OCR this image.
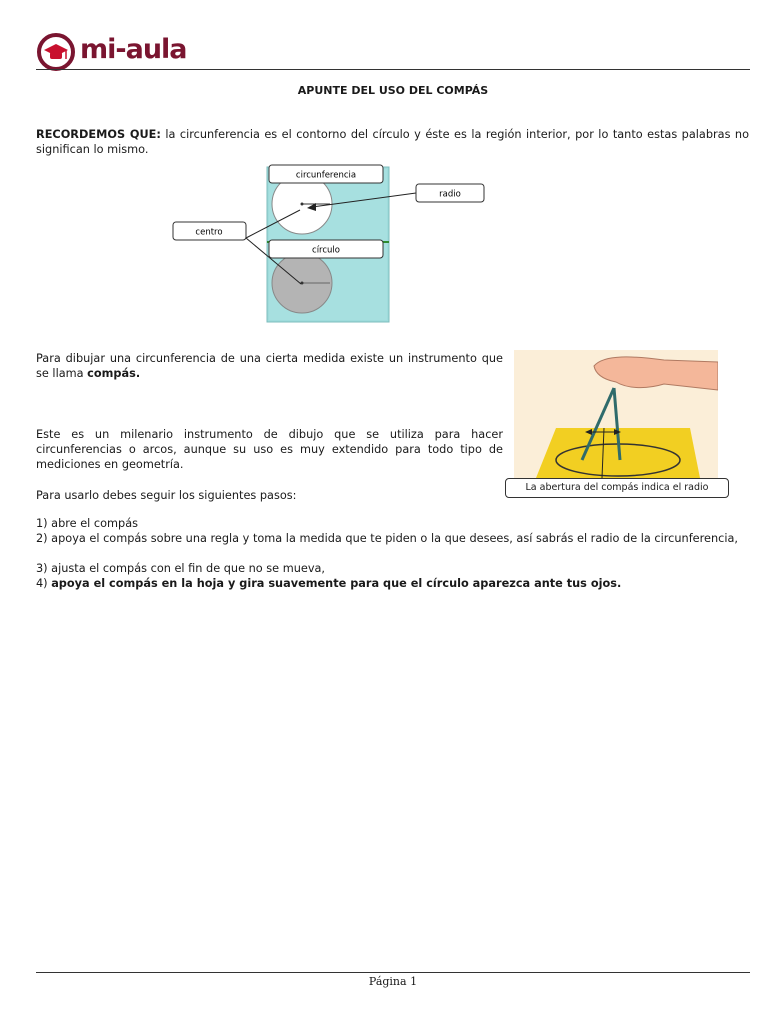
mi-aula
APUNTE DEL USO DEL COMPÁS

RECORDEMOS QUE: la circunferencia es el contorno del círculo y éste es la región interior, por lo tanto estas palabras no significan lo mismo.

circunferencia
radio
centro
círculo

Para dibujar una circunferencia de una cierta medida existe un instrumento que se llama compás.

La abertura del compás indica el radio

Este es un milenario instrumento de dibujo que se utiliza para hacer circunferencias o arcos, aunque su uso es muy extendido para todo tipo de mediciones en geometría.

Para usarlo debes seguir los siguientes pasos:

1) abre el compás

2) apoya el compás sobre una regla y toma la medida que te piden o la que desees, así sabrás el radio de la circunferencia,

3) ajusta el compás con el fin de que no se mueva,

4) apoya el compás en la hoja y gira suavemente para que el círculo aparezca ante tus ojos.

Página 1
